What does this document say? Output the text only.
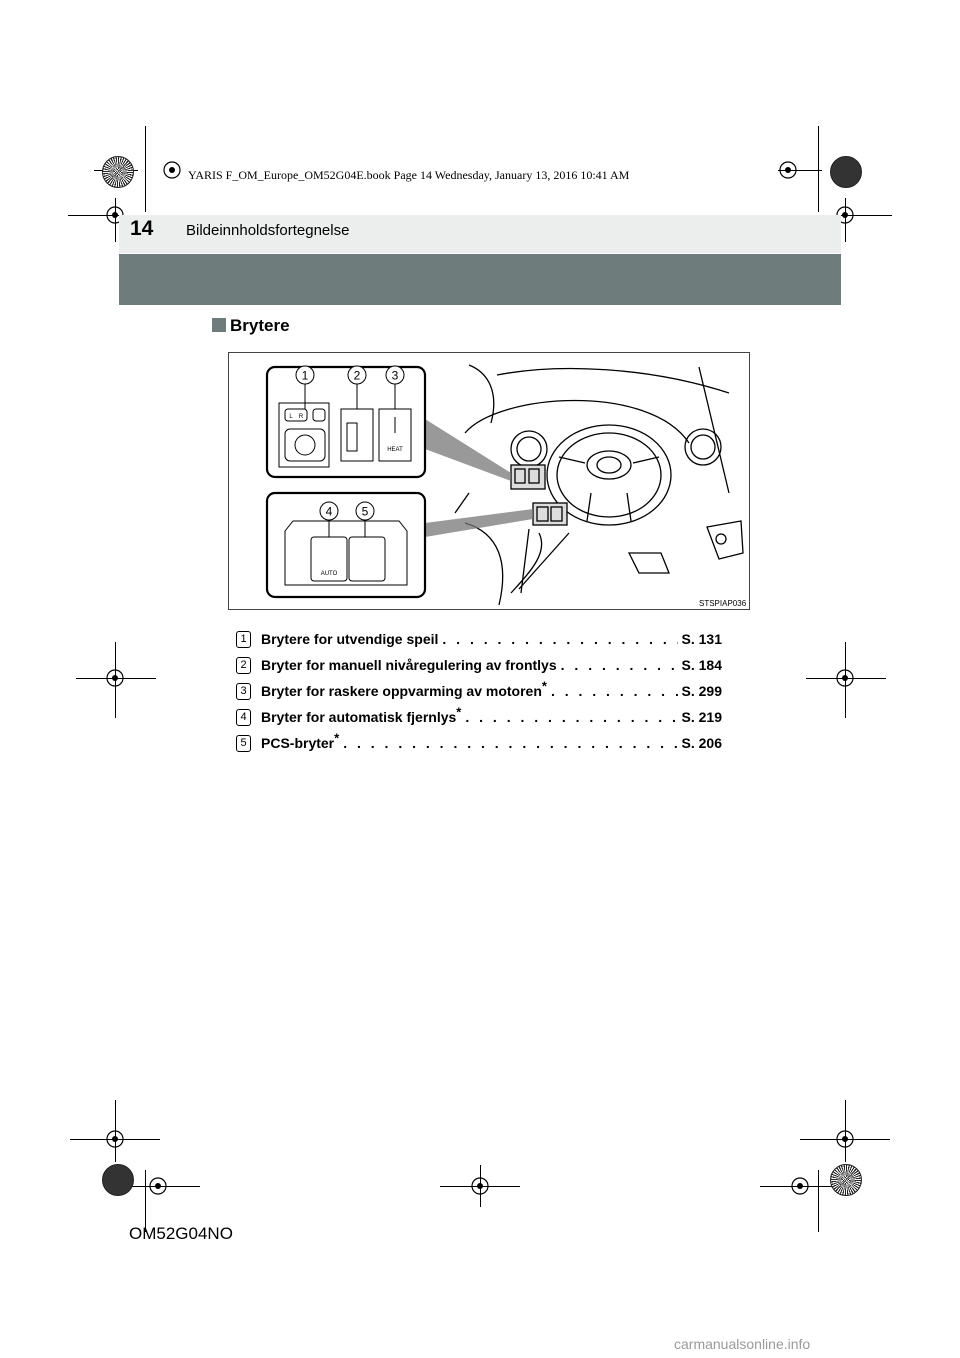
YARIS F_OM_Europe_OM52G04E.book Page 14 Wednesday, January 13, 2016 10:41 AM
14 Bildeinnholdsfortegnelse
Brytere
1	2	3
4 5
L R
HEAT
AUTO
STSPIAP036
1	Brytere for utvendige speil . . .	S. 131
2	Bryter for manuell nivåregulering av frontlys . . .	S. 184
3	Bryter for raskere oppvarming av motoren* . . .	S. 299
4	Bryter for automatisk fjernlys* . . .	S. 219
5	PCS-bryter* . . .	S. 206
OM52G04NO
carmanualsonline.info
